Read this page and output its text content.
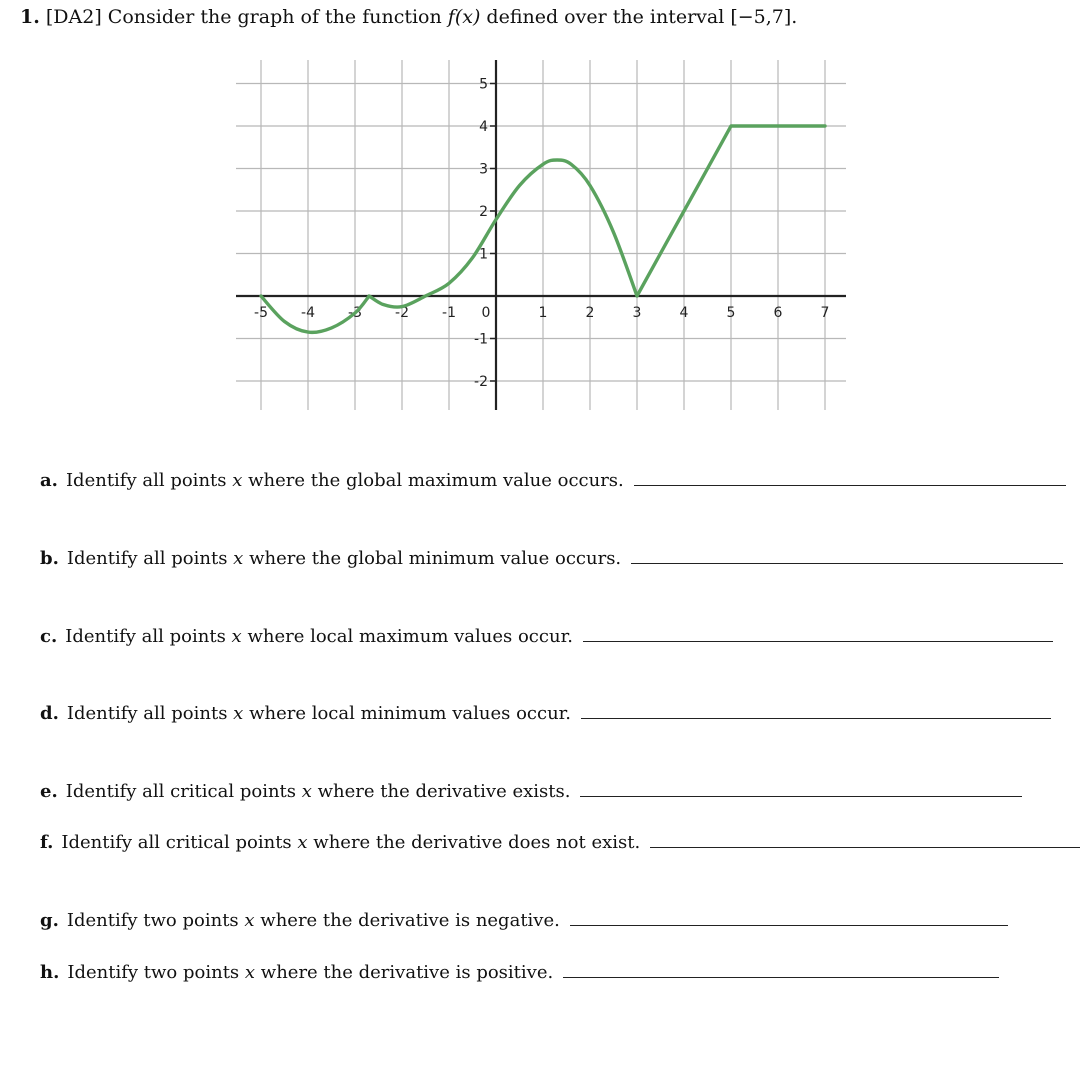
1. [DA2] Consider the graph of the function f(x) defined over the interval [−5,7].
-5 -4 -3 -2 -1 0	1	2	3	4	5	6	7
5
4
3
2
1
-1
-2
a. Identify all points
x
where the global maximum value occurs.
b. Identify all points
x
where the global minimum value occurs.
c. Identify all points
x
where local maximum values occur.
d. Identify all points
x
where local minimum values occur.
e. Identify all critical points
x
where the derivative exists.
f. Identify all critical points
x
where the derivative does not exist.
g. Identify two points
x
where the derivative is negative.
h. Identify two points
x
where the derivative is positive.
